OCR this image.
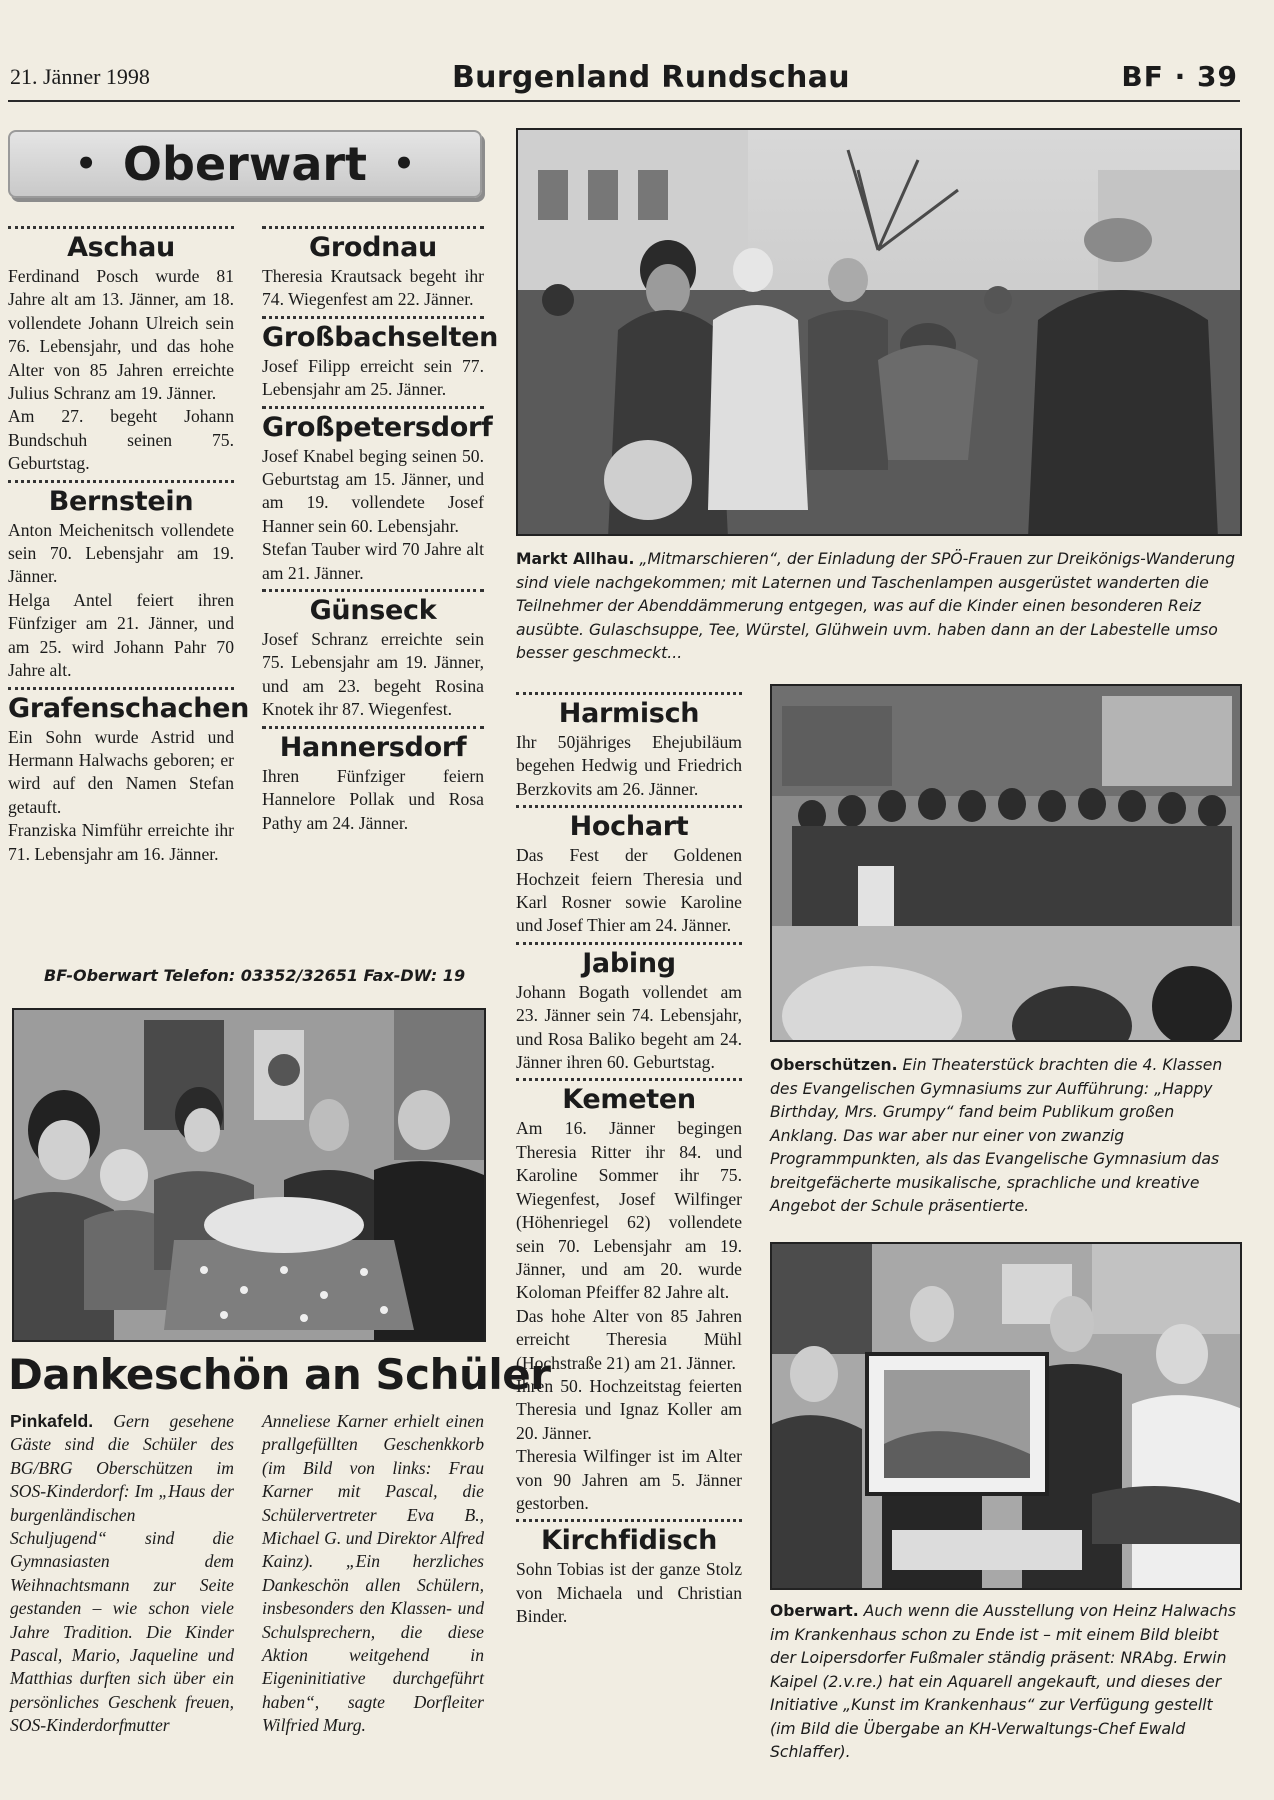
21. Jänner 1998	Burgenland Rundschau	BF · 39
• Oberwart •
Aschau

Ferdinand Posch wurde 81 Jahre alt am 13. Jänner, am 18. vollendete Johann Ulreich sein 76. Lebensjahr, und das hohe Alter von 85 Jahren erreichte Julius Schranz am 19. Jänner.

Am 27. begeht Johann Bundschuh seinen 75. Geburtstag.

Bernstein

Anton Meichenitsch vollendete sein 70. Lebensjahr am 19. Jänner.

Helga Antel feiert ihren Fünfziger am 21. Jänner, und am 25. wird Johann Pahr 70 Jahre alt.

Grafenschachen

Ein Sohn wurde Astrid und Hermann Halwachs geboren; er wird auf den Namen Stefan getauft.

Franziska Nimführ erreichte ihr 71. Lebensjahr am 16. Jänner.

Grodnau

Theresia Krautsack begeht ihr 74. Wiegenfest am 22. Jänner.

Großbachselten

Josef Filipp erreicht sein 77. Lebensjahr am 25. Jänner.

Großpetersdorf

Josef Knabel beging seinen 50. Geburtstag am 15. Jänner, und am 19. vollendete Josef Hanner sein 60. Lebensjahr.

Stefan Tauber wird 70 Jahre alt am 21. Jänner.

Günseck

Josef Schranz erreichte sein 75. Lebensjahr am 19. Jänner, und am 23. begeht Rosina Knotek ihr 87. Wiegenfest.

Hannersdorf

Ihren Fünfziger feiern Hannelore Pollak und Rosa Pathy am 24. Jänner.

BF-Oberwart Telefon: 03352/32651 Fax-DW: 19
Markt Allhau. „Mitmarschieren“, der Einladung der SPÖ-Frauen zur Dreikönigs-Wanderung sind viele nachgekommen; mit Laternen und Taschenlampen ausgerüstet wanderten die Teilnehmer der Abenddämmerung entgegen, was auf die Kinder einen besonderen Reiz ausübte. Gulaschsuppe, Tee, Würstel, Glühwein uvm. haben dann an der Labestelle umso besser geschmeckt...
Harmisch

Ihr 50jähriges Ehejubiläum begehen Hedwig und Friedrich Berzkovits am 26. Jänner.

Hochart

Das Fest der Goldenen Hochzeit feiern Theresia und Karl Rosner sowie Karoline und Josef Thier am 24. Jänner.

Jabing

Johann Bogath vollendet am 23. Jänner sein 74. Lebensjahr, und Rosa Baliko begeht am 24. Jänner ihren 60. Geburtstag.

Kemeten

Am 16. Jänner begingen Theresia Ritter ihr 84. und Karoline Sommer ihr 75. Wiegenfest, Josef Wilfinger (Höhenriegel 62) vollendete sein 70. Lebensjahr am 19. Jänner, und am 20. wurde Koloman Pfeiffer 82 Jahre alt.

Das hohe Alter von 85 Jahren erreicht Theresia Mühl (Hochstraße 21) am 21. Jänner.

Ihren 50. Hochzeitstag feierten Theresia und Ignaz Koller am 20. Jänner.

Theresia Wilfinger ist im Alter von 90 Jahren am 5. Jänner gestorben.

Kirchfidisch

Sohn Tobias ist der ganze Stolz von Michaela und Christian Binder.

Oberschützen. Ein Theaterstück brachten die 4. Klassen des Evangelischen Gymnasiums zur Aufführung: „Happy Birthday, Mrs. Grumpy“ fand beim Publikum großen Anklang. Das war aber nur einer von zwanzig Programmpunkten, als das Evangelische Gymnasium das breitgefächerte musikalische, sprachliche und kreative Angebot der Schule präsentierte.
Dankeschön an Schüler
Pinkafeld. Gern gesehene Gäste sind die Schüler des BG/BRG Oberschützen im SOS-Kinderdorf: Im „Haus der burgenländischen Schuljugend“ sind die Gymnasiasten dem Weihnachtsmann zur Seite gestanden – wie schon viele Jahre Tradition. Die Kinder Pascal, Mario, Jaqueline und Matthias durften sich über ein persönliches Geschenk freuen, SOS-Kinderdorfmutter
Anneliese Karner erhielt einen prallgefüllten Geschenkkorb (im Bild von links: Frau Karner mit Pascal, die Schülervertreter Eva B., Michael G. und Direktor Alfred Kainz). „Ein herzliches Dankeschön allen Schülern, insbesonders den Klassen- und Schulsprechern, die diese Aktion weitgehend in Eigeninitiative durchgeführt haben“, sagte Dorfleiter Wilfried Murg.
Oberwart. Auch wenn die Ausstellung von Heinz Halwachs im Krankenhaus schon zu Ende ist – mit einem Bild bleibt der Loipersdorfer Fußmaler ständig präsent: NRAbg. Erwin Kaipel (2.v.re.) hat ein Aquarell angekauft, und dieses der Initiative „Kunst im Krankenhaus“ zur Verfügung gestellt (im Bild die Übergabe an KH-Verwaltungs-Chef Ewald Schlaffer).
